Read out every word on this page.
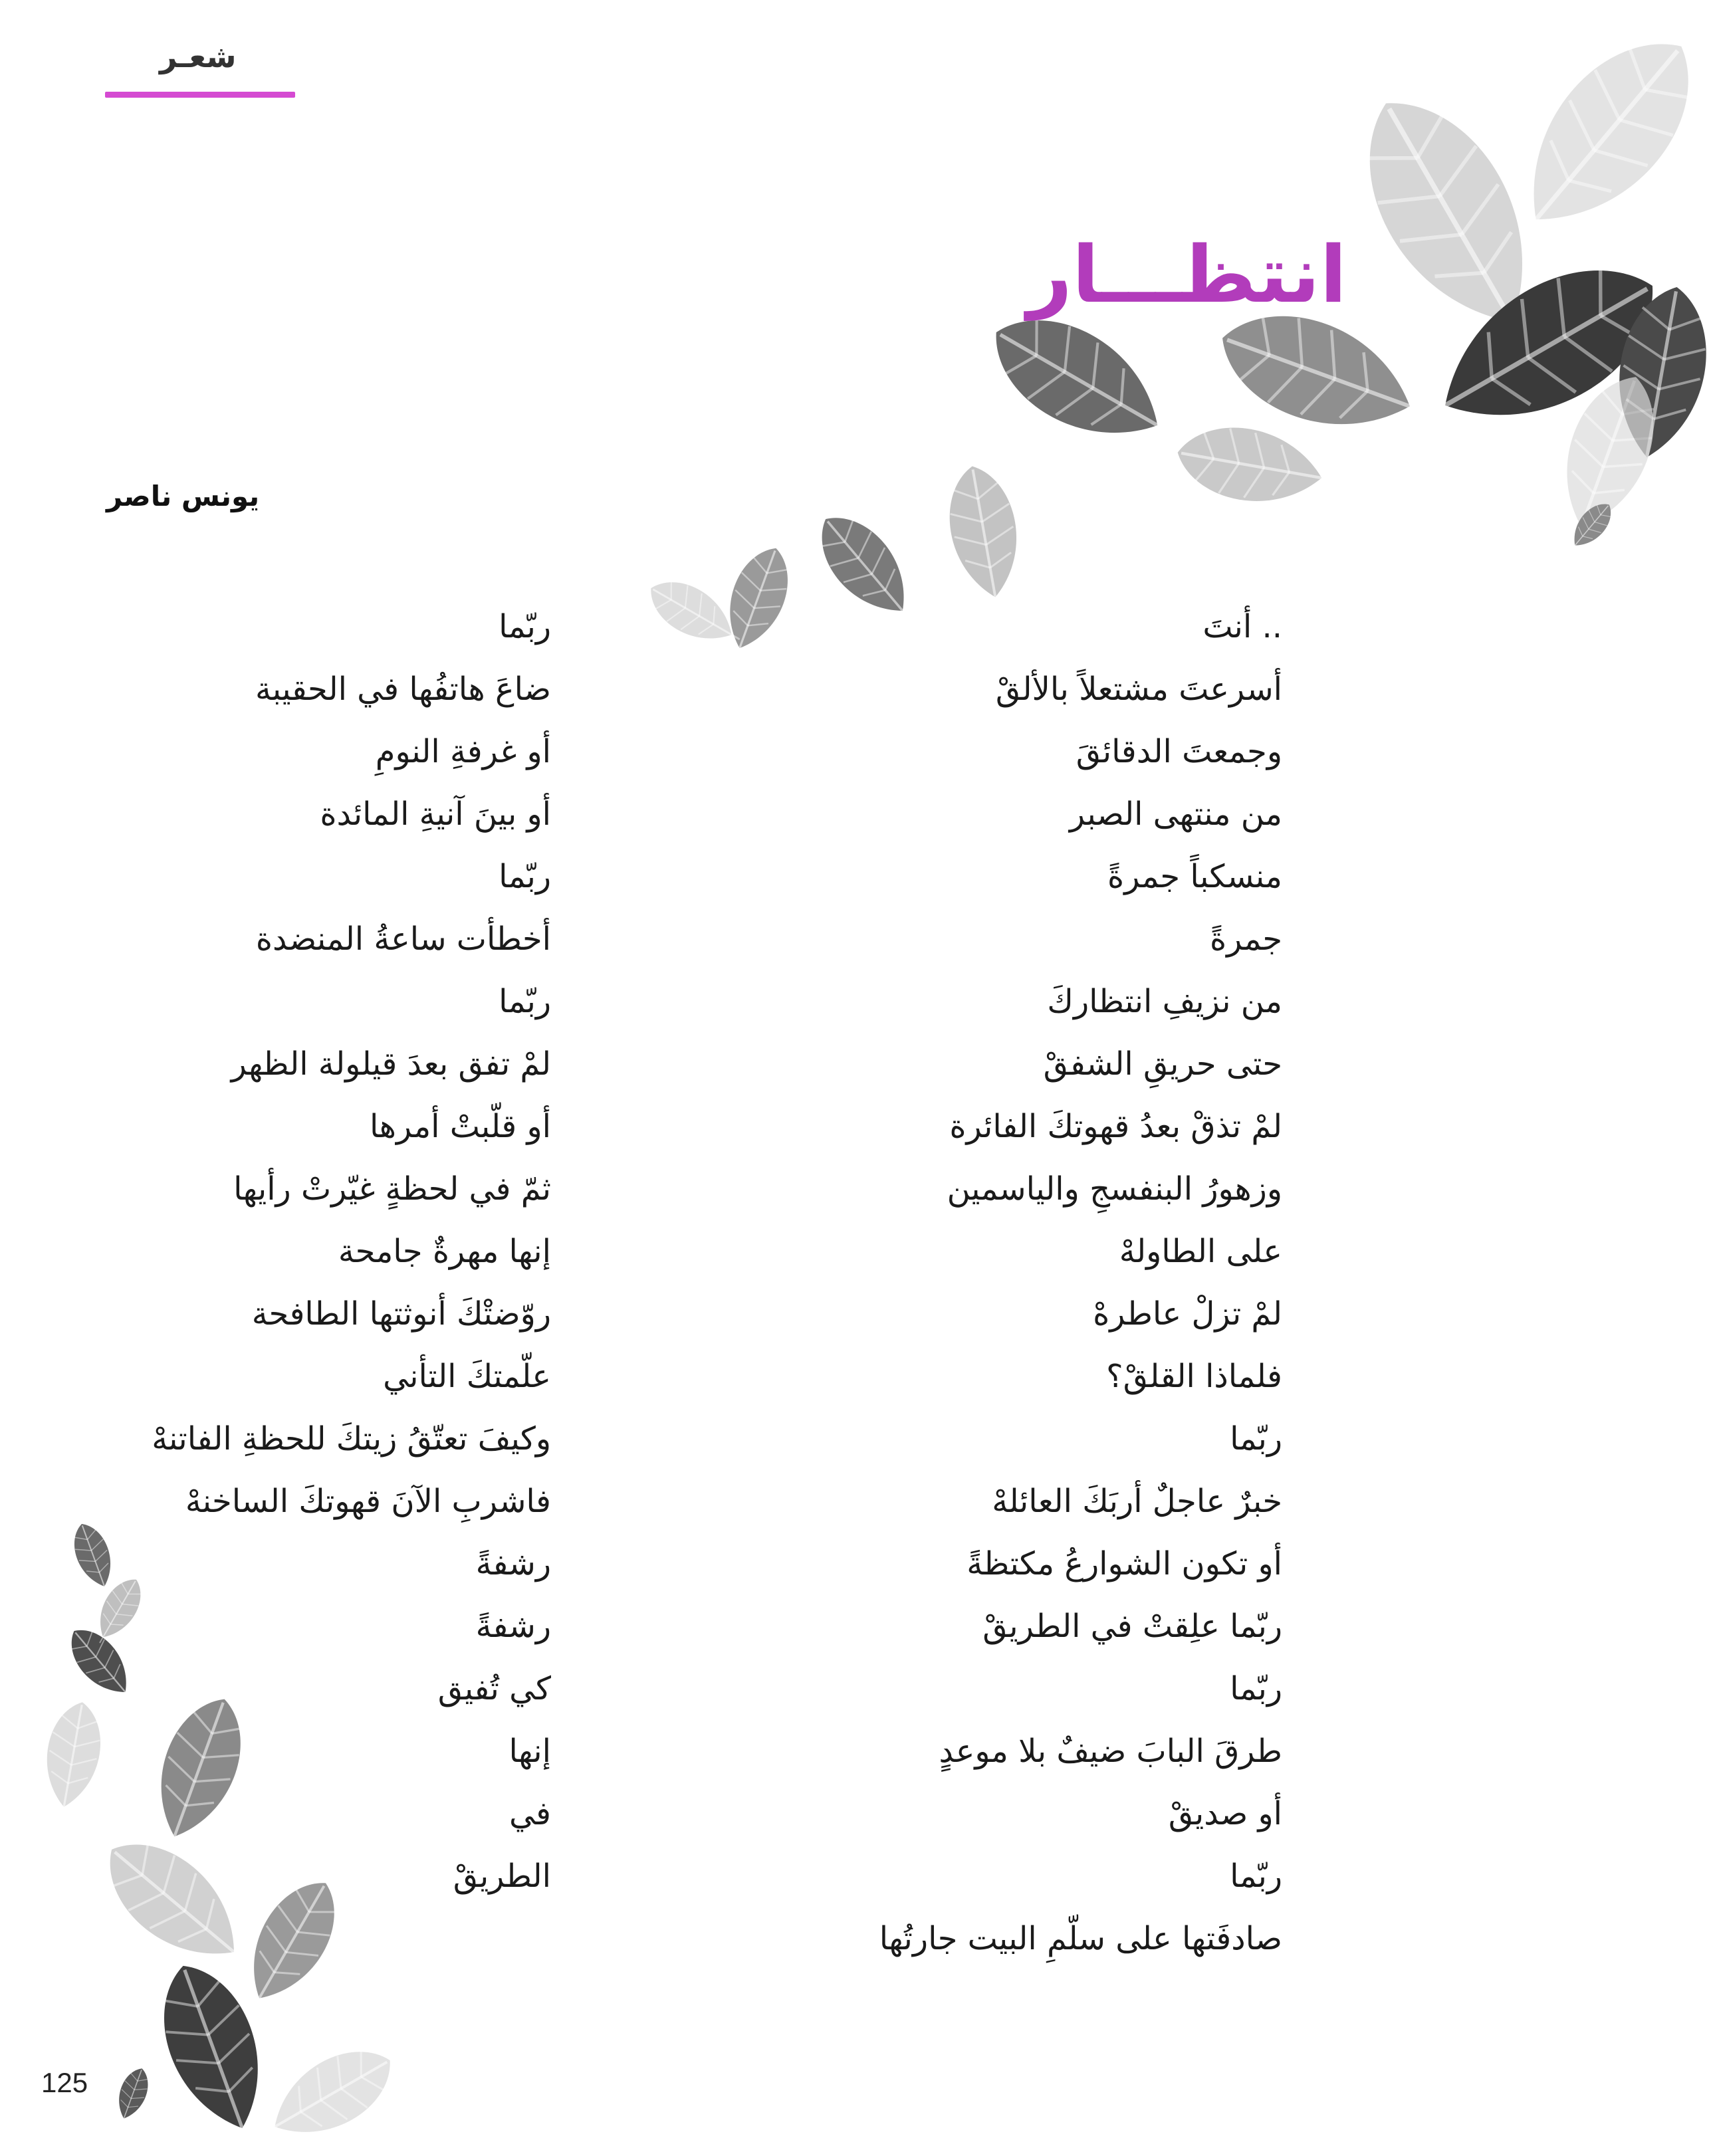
شعـر
انتظـــار
يونس ناصر
.. أنتَ
أسرعتَ مشتعلاً بالألقْ
وجمعتَ الدقائقَ
من منتهى الصبر
منسكباً جمرةً
جمرةً
من نزيفِ انتظاركَ
حتى حريقِ الشفقْ
لمْ تذقْ بعدُ قهوتكَ الفائرة
وزهورُ البنفسجِ والياسمين
على الطاولهْ
لمْ تزلْ عاطرهْ
فلماذا القلقْ؟
ربّما
خبرٌ عاجلٌ أربَكَ العائلهْ
أو تكون الشوارعُ مكتظةً
ربّما علِقتْ في الطريقْ
ربّما
طرقَ البابَ ضيفٌ بلا موعدٍ
أو صديقْ
ربّما
صادفَتها على سلّمِ البيت جارتُها
ربّما
ضاعَ هاتفُها في الحقيبة
أو غرفةِ النومِ
أو بينَ آنيةِ المائدة
ربّما
أخطأت ساعةُ المنضدة
ربّما
لمْ تفق بعدَ قيلولة الظهر
أو قلّبتْ أمرها
ثمّ في لحظةٍ غيّرتْ رأيها
إنها مهرةٌ جامحة
روّضتْكَ أنوثتها الطافحة
علّمتكَ التأني
وكيفَ تعتّقُ زيتكَ للحظةِ الفاتنهْ
فاشربِ الآنَ قهوتكَ الساخنهْ
رشفةً
رشفةً
كي تُفيق
إنها
في
الطريقْ
125
